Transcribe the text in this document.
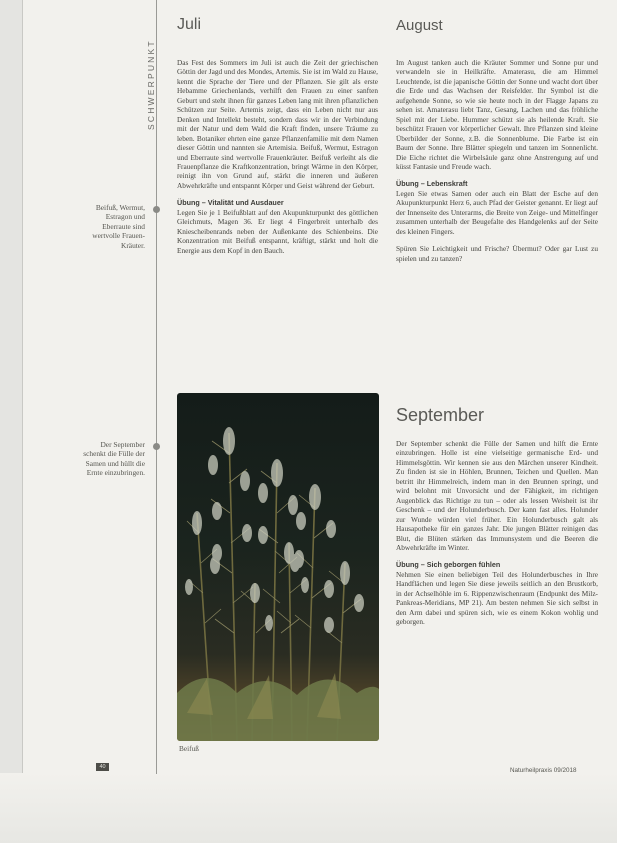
SCHWERPUNKT
Beifuß, Wermut, Estragon und Eberraute sind wertvolle Frauen-Kräuter.
Der September schenkt die Fülle der Samen und hüllt die Erntе einzubringen.
Juli

Das Fest des Sommers im Juli ist auch die Zeit der griechischen Göttin der Jagd und des Mondes, Artemis. Sie ist im Wald zu Hause, kennt die Sprache der Tiere und der Pflanzen. Sie gilt als erste Hebamme Griechenlands, verhilft den Frauen zu einer sanften Geburt und steht ihnen für ganzes Leben lang mit ihren pflanzlichen Schützen zur Seite. Artemis zeigt, dass ein Leben nicht nur aus Denken und Intellekt besteht, sondern dass wir in der Verbindung mit der Natur und dem Wald die Kraft finden, unsere Träume zu leben. Botaniker ehrten eine ganze Pflanzenfamilie mit dem Namen dieser Göttin und nannten sie Artemisia. Beifuß, Wermut, Estragon und Eberraute sind wertvolle Frauenkräuter. Beifuß verleiht als die Frauenpflanze die Kraftkonzentration, bringt Wärme in den Körper, reinigt ihn von Grund auf, stärkt die inneren und äußeren Abwehrkräfte und entspannt Körper und Geist während der Geburt.

Übung – Vitalität und Ausdauer

Legen Sie je 1 Beifußblatt auf den Akupunkturpunkt des göttlichen Gleichmuts, Magen 36. Er liegt 4 Fingerbreit unterhalb des Kniescheibenrands neben der Außenkante des Schienbeins. Die Konzentration mit Beifuß entspannt, kräftigt, stärkt und holt die Energie aus dem Kopf in den Bauch.

August

Im August tanken auch die Kräuter Sommer und Sonne pur und verwandeln sie in Heilkräfte. Amaterasu, die am Himmel Leuchtende, ist die japanische Göttin der Sonne und wacht dort über die Erde und das Wachsen der Reisfelder. Ihr Symbol ist die aufgehende Sonne, so wie sie heute noch in der Flagge Japans zu sehen ist. Amaterasu liebt Tanz, Gesang, Lachen und das fröhliche Spiel mit der Liebe. Hummer schützt sie als heilende Kraft. Sie beschützt Frauen vor körperlicher Gewalt. Ihre Pflanzen sind kleine Überbilder der Sonne, z.B. die Sonnenblume. Die Farbe ist ein Baum der Sonne. Ihre Blätter spiegeln und tanzen im Sonnenlicht. Die Eiche richtet die Wirbelsäule ganz ohne Anstrengung auf und küsst Fantasie und Freude wach.

Übung – Lebenskraft

Legen Sie etwas Samen oder auch ein Blatt der Esche auf den Akupunkturpunkt Herz 6, auch Pfad der Geister genannt. Er liegt auf der Innenseite des Unterarms, die Breite von Zeige- und Mittelfinger zusammen unterhalb der Beugefalte des Handgelenks auf der Seite des kleinen Fingers.

Spüren Sie Leichtigkeit und Frische? Übermut? Oder gar Lust zu spielen und zu tanzen?

September

Der September schenkt die Fülle der Samen und hilft die Ernte einzubringen. Holle ist eine vielseitige germanische Erd- und Himmelsgöttin. Wir kennen sie aus den Märchen unserer Kindheit. Zu finden ist sie in Höhlen, Brunnen, Teichen und Quellen. Man betritt ihr Himmelreich, indem man in den Brunnen springt, und wird belohnt mit Unvorsicht und der Fähigkeit, im richtigen Augenblick das Richtige zu tun – oder als lessen Weisheit ist ihr Geschenk – und der Holunderbusch. Der kann fast alles. Holunder zur Wunde würden viel früher. Ein Holunderbusch galt als Hausapotheke für ein ganzes Jahr. Die jungen Blätter reinigen das Blut, die Blüten stärken das Immunsystem und die Beeren die Abwehrkräfte im Winter.

Übung – Sich geborgen fühlen

Nehmen Sie einen beliebigen Teil des Holunderbusches in Ihre Handflächen und legen Sie diese jeweils seitlich an den Brustkorb, in der Achselhöhle im 6. Rippenzwischenraum (Endpunkt des Milz-Pankreas-Meridians, MP 21). Am besten nehmen Sie sich selbst in den Arm dabei und spüren sich, wie es einem Kokon wohlig und geborgen.

Beifuß
40	Naturheilpraxis 09/2018
